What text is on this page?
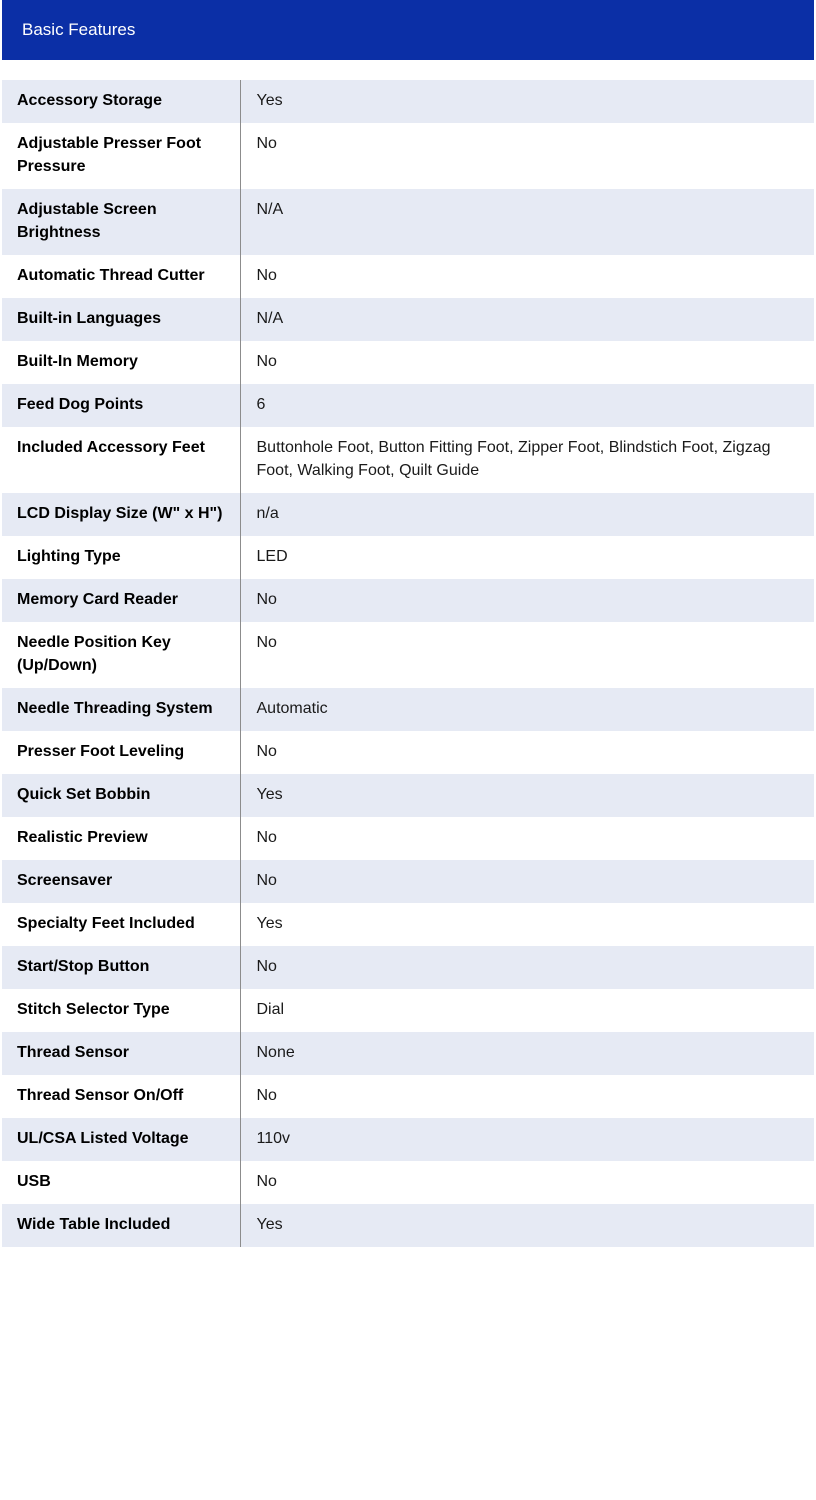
Basic Features
Accessory Storage	Yes
Adjustable Presser Foot Pressure	No
Adjustable Screen Brightness	N/A
Automatic Thread Cutter	No
Built-in Languages	N/A
Built-In Memory	No
Feed Dog Points	6
Included Accessory Feet	Buttonhole Foot, Button Fitting Foot, Zipper Foot, Blindstich Foot, Zigzag Foot, Walking Foot, Quilt Guide
LCD Display Size (W" x H")	n/a
Lighting Type	LED
Memory Card Reader	No
Needle Position Key (Up/Down)	No
Needle Threading System	Automatic
Presser Foot Leveling	No
Quick Set Bobbin	Yes
Realistic Preview	No
Screensaver	No
Specialty Feet Included	Yes
Start/Stop Button	No
Stitch Selector Type	Dial
Thread Sensor	None
Thread Sensor On/Off	No
UL/CSA Listed Voltage	110v
USB	No
Wide Table Included	Yes
